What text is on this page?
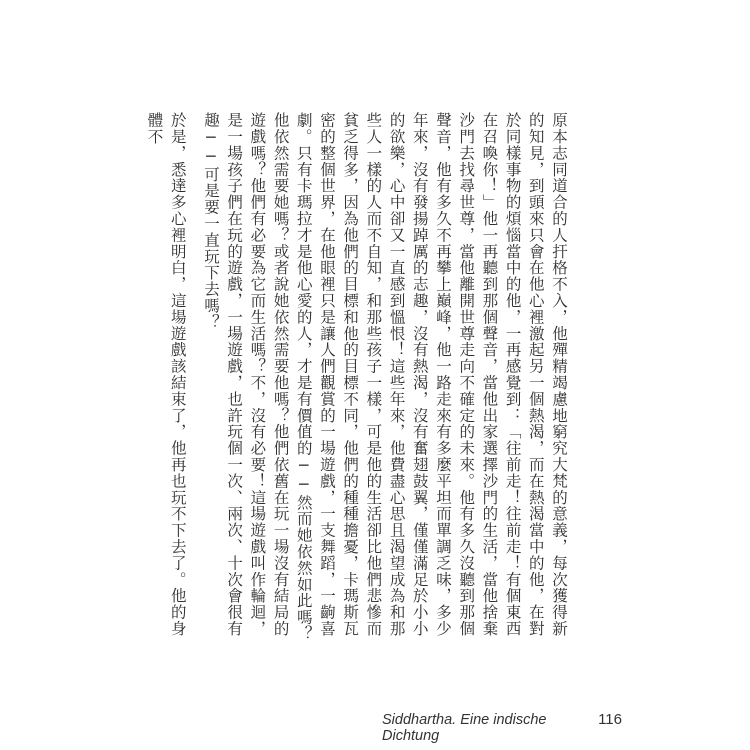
原本志同道合的人扞格不入，他殫精竭慮地窮究大梵的意義，每次獲得新的知見，到頭來只會在他心裡激起另一個熱渴，而在熱渴當中的他，在對於同樣事物的煩惱當中的他，一再感覺到：「往前走！往前走！有個東西在召喚你！」他一再聽到那個聲音，當他出家選擇沙門的生活，當他捨棄沙門去找尋世尊，當他離開世尊走向不確定的未來。他有多久沒聽到那個聲音，他有多久不再攀上巔峰，他一路走來有多麼平坦而單調乏味，多少年來，沒有發揚踔厲的志趣，沒有熱渴，沒有奮翅鼓翼，僅僅滿足於小小的欲樂，心中卻又一直感到慍恨！這些年來，他費盡心思且渴望成為和那些人一樣的人而不自知，和那些孩子一樣，可是他的生活卻比他們悲慘而貧乏得多，因為他們的目標和他的目標不同，他們的種種擔憂，卡瑪斯瓦密的整個世界，在他眼裡只是讓人們觀賞的一場遊戲，一支舞蹈，一齣喜劇。只有卡瑪拉才是他心愛的人，才是有價值的──然而她依然如此嗎？他依然需要她嗎？或者說她依然需要他嗎？他們依舊在玩一場沒有結局的遊戲嗎？他們有必要為它而生活嗎？不，沒有必要！這場遊戲叫作輪迴，是一場孩子們在玩的遊戲，一場遊戲，也許玩個一次、兩次、十次會很有趣──可是要一直玩下去嗎？

於是，悉達多心裡明白，這場遊戲該結束了，他再也玩不下去了。他的身體不

Siddhartha. Eine indische Dichtung
116
